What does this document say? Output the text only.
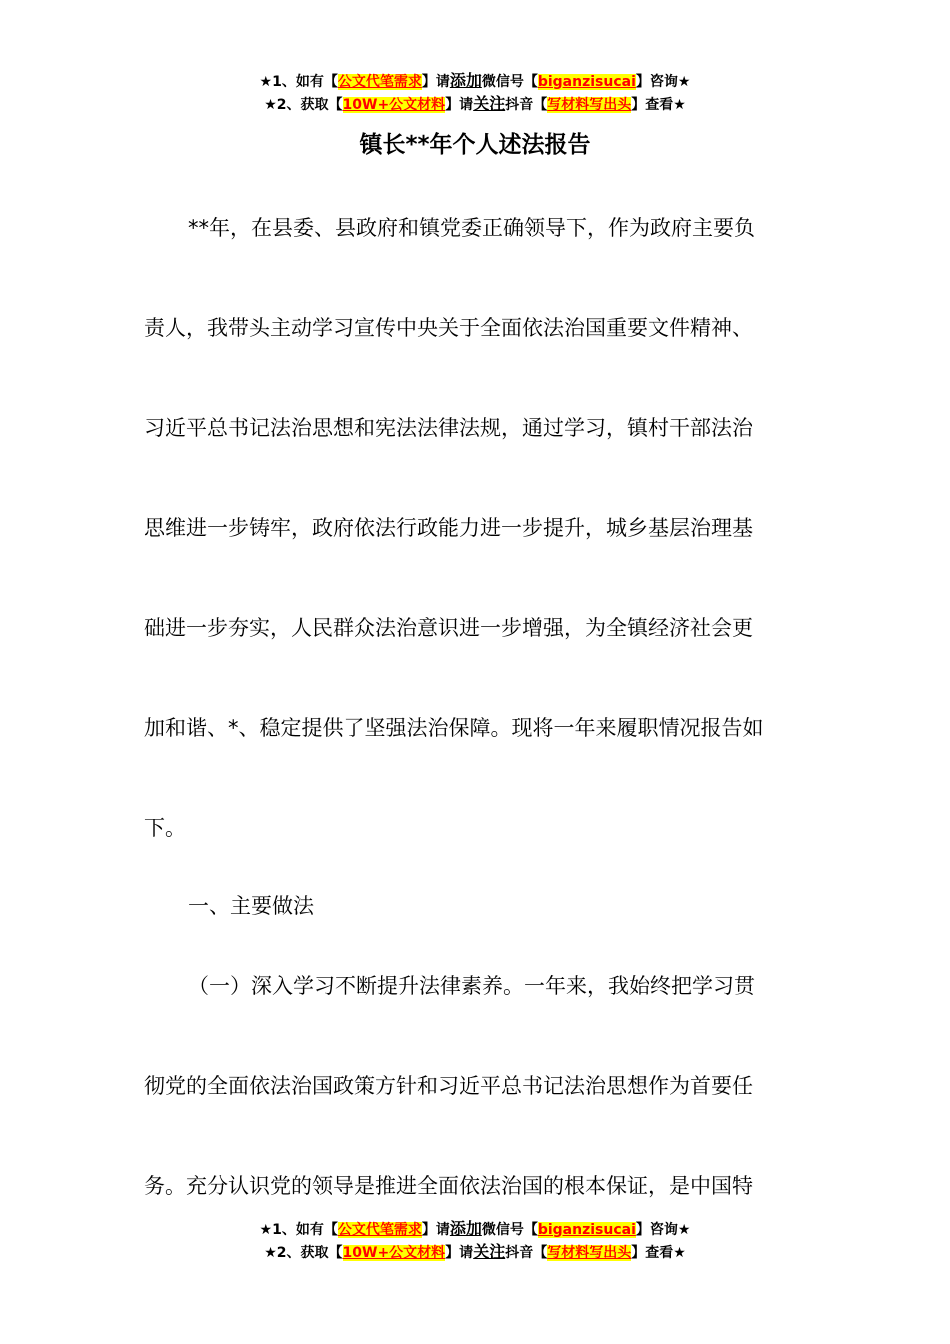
★1、如有【公文代笔需求】请添加微信号【biganzisucai】咨询★
★2、获取【10W+公文材料】请关注抖音【写材料写出头】查看★
镇长**年个人述法报告
**年，在县委、县政府和镇党委正确领导下，作为政府主要负
责人，我带头主动学习宣传中央关于全面依法治国重要文件精神、
习近平总书记法治思想和宪法法律法规，通过学习，镇村干部法治
思维进一步铸牢，政府依法行政能力进一步提升，城乡基层治理基
础进一步夯实，人民群众法治意识进一步增强，为全镇经济社会更
加和谐、*、稳定提供了坚强法治保障。现将一年来履职情况报告如
下。
一、主要做法
（一）深入学习不断提升法律素养。一年来，我始终把学习贯
彻党的全面依法治国政策方针和习近平总书记法治思想作为首要任
务。充分认识党的领导是推进全面依法治国的根本保证，是中国特
★1、如有【公文代笔需求】请添加微信号【biganzisucai】咨询★
★2、获取【10W+公文材料】请关注抖音【写材料写出头】查看★
